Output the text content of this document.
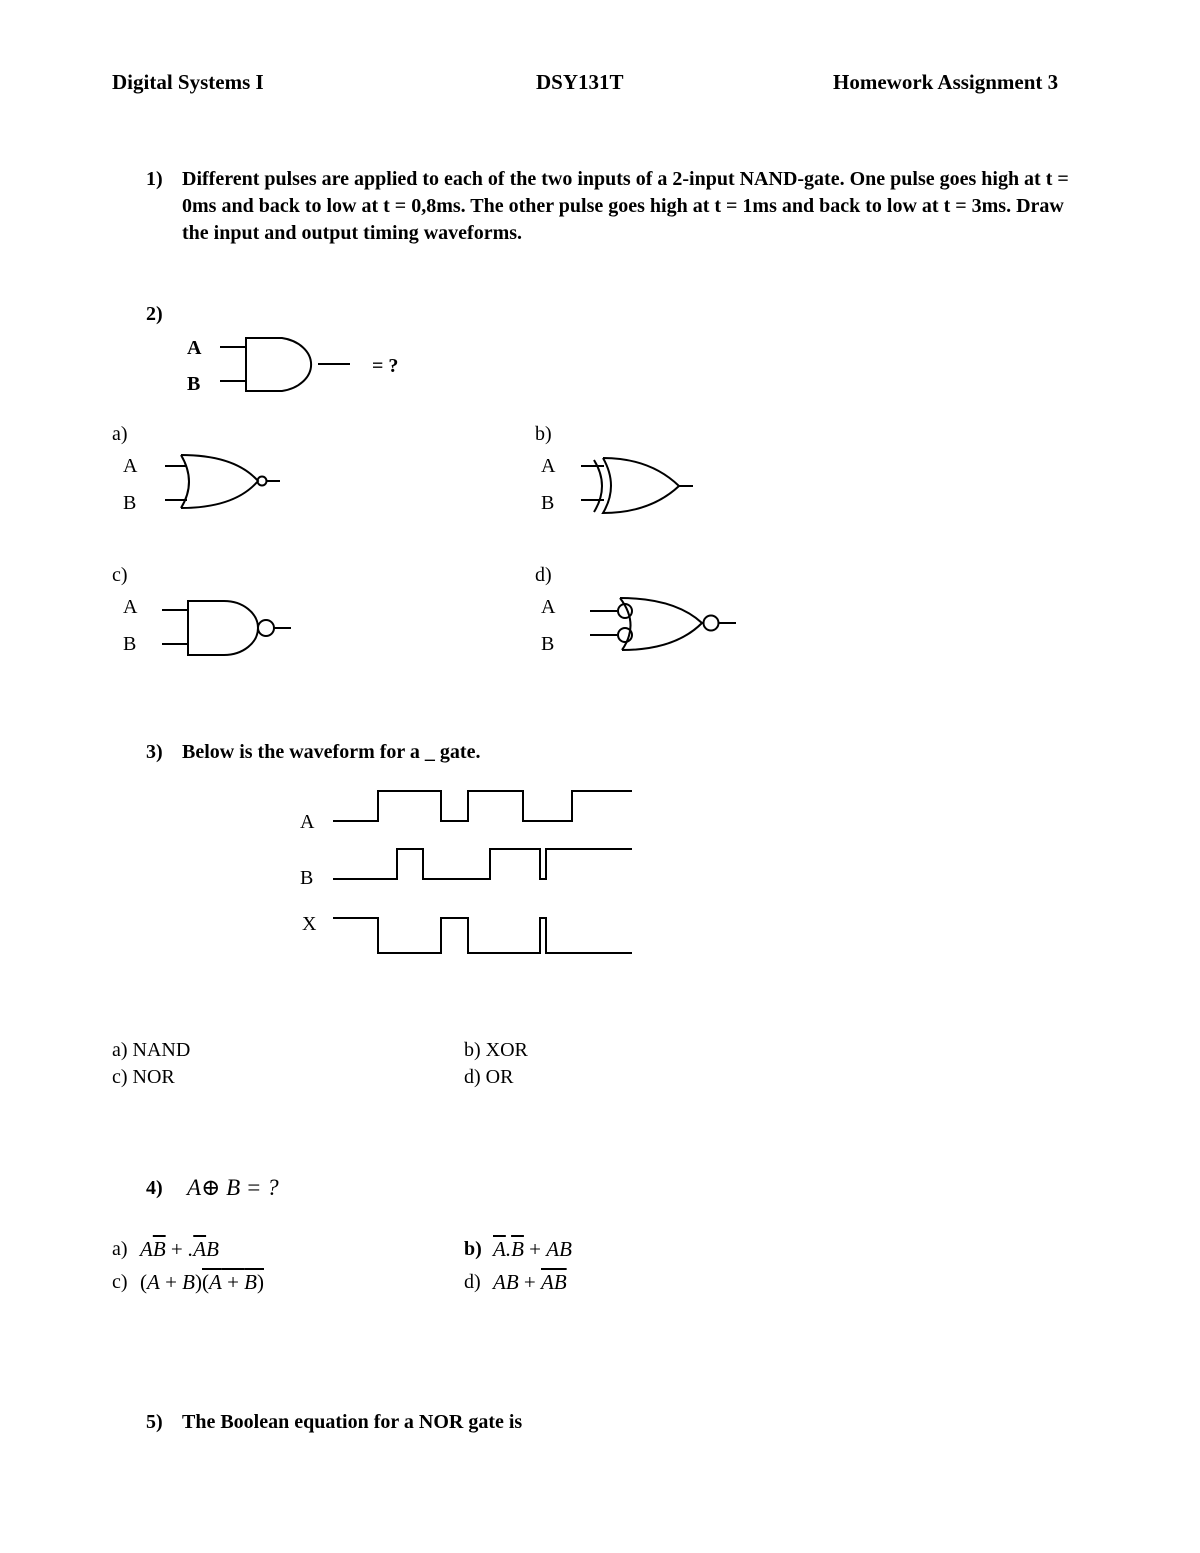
Digital Systems I	DSY131T	Homework Assignment 3
1) Different pulses are applied to each of the two inputs of a 2-input NAND-gate. One pulse goes high at t = 0ms and back to low at t = 0,8ms. The other pulse goes high at t = 1ms and back to low at t = 3ms. Draw the input and output timing waveforms.
2)
A
B
= ?
a)
A
B
b)
A
B
c)
A
B
d)
A
B
3) Below is the waveform for a _ gate.
A
B
X
a) NAND	b) XOR
c) NOR	d) OR
4) A⊕ B = ?
a) $A\overline{B} + .\overline{A}B$	b) $\overline{A}.\overline{B}$ + AB
c) (A + B)(A + B)	d) AB + $\overline{AB}$
5) The Boolean equation for a NOR gate is
